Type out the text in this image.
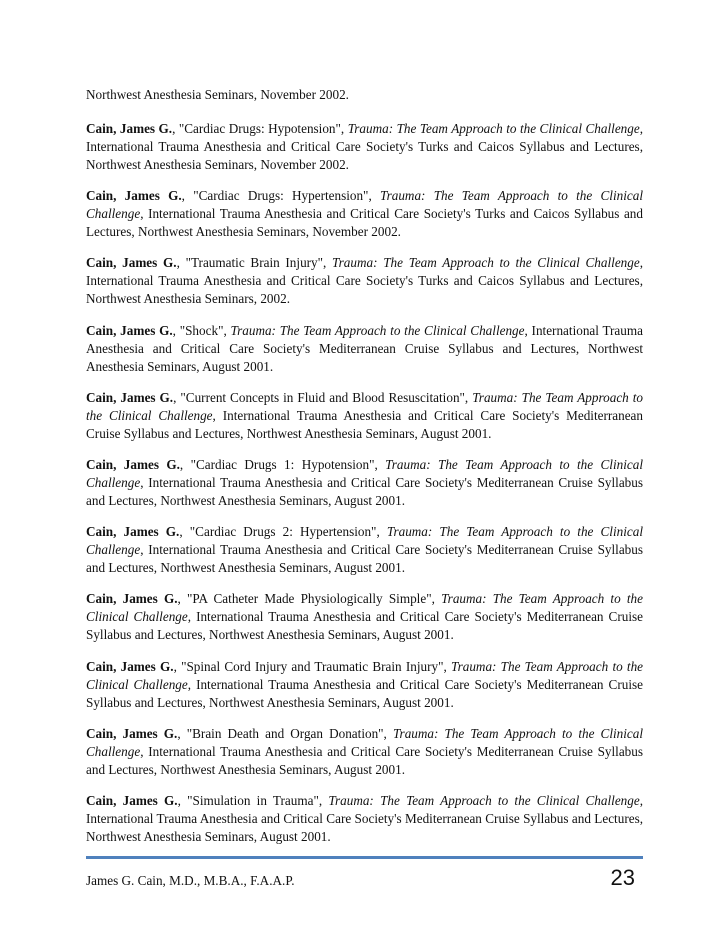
Northwest Anesthesia Seminars, November 2002.

Cain, James G., "Cardiac Drugs: Hypotension", Trauma: The Team Approach to the Clinical Challenge, International Trauma Anesthesia and Critical Care Society's Turks and Caicos Syllabus and Lectures, Northwest Anesthesia Seminars, November 2002.

Cain, James G., "Cardiac Drugs: Hypertension", Trauma: The Team Approach to the Clinical Challenge, International Trauma Anesthesia and Critical Care Society's Turks and Caicos Syllabus and Lectures, Northwest Anesthesia Seminars, November 2002.

Cain, James G., "Traumatic Brain Injury", Trauma: The Team Approach to the Clinical Challenge, International Trauma Anesthesia and Critical Care Society's Turks and Caicos Syllabus and Lectures, Northwest Anesthesia Seminars, 2002.

Cain, James G., "Shock", Trauma: The Team Approach to the Clinical Challenge, International Trauma Anesthesia and Critical Care Society's Mediterranean Cruise Syllabus and Lectures, Northwest Anesthesia Seminars, August 2001.

Cain, James G., "Current Concepts in Fluid and Blood Resuscitation", Trauma: The Team Approach to the Clinical Challenge, International Trauma Anesthesia and Critical Care Society's Mediterranean Cruise Syllabus and Lectures, Northwest Anesthesia Seminars, August 2001.

Cain, James G., "Cardiac Drugs 1: Hypotension", Trauma: The Team Approach to the Clinical Challenge, International Trauma Anesthesia and Critical Care Society's Mediterranean Cruise Syllabus and Lectures, Northwest Anesthesia Seminars, August 2001.

Cain, James G., "Cardiac Drugs 2: Hypertension", Trauma: The Team Approach to the Clinical Challenge, International Trauma Anesthesia and Critical Care Society's Mediterranean Cruise Syllabus and Lectures, Northwest Anesthesia Seminars, August 2001.

Cain, James G., "PA Catheter Made Physiologically Simple", Trauma: The Team Approach to the Clinical Challenge, International Trauma Anesthesia and Critical Care Society's Mediterranean Cruise Syllabus and Lectures, Northwest Anesthesia Seminars, August 2001.

Cain, James G., "Spinal Cord Injury and Traumatic Brain Injury", Trauma: The Team Approach to the Clinical Challenge, International Trauma Anesthesia and Critical Care Society's Mediterranean Cruise Syllabus and Lectures, Northwest Anesthesia Seminars, August 2001.

Cain, James G., "Brain Death and Organ Donation", Trauma: The Team Approach to the Clinical Challenge, International Trauma Anesthesia and Critical Care Society's Mediterranean Cruise Syllabus and Lectures, Northwest Anesthesia Seminars, August 2001.

Cain, James G., "Simulation in Trauma", Trauma: The Team Approach to the Clinical Challenge, International Trauma Anesthesia and Critical Care Society's Mediterranean Cruise Syllabus and Lectures, Northwest Anesthesia Seminars, August 2001.

James G. Cain, M.D., M.B.A., F.A.A.P.	23
